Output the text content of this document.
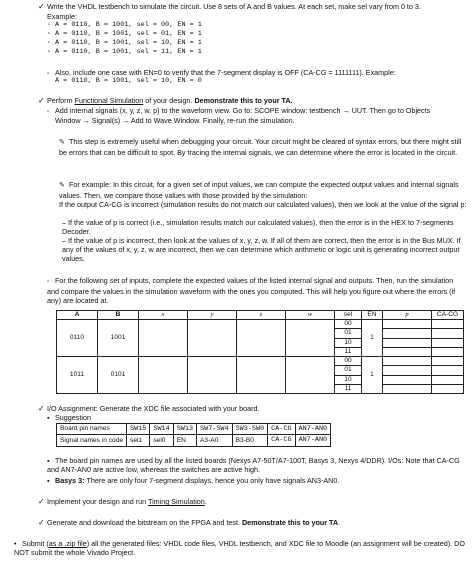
✓ Write the VHDL testbench to simulate the circuit. Use 8 sets of A and B values. At each set, make sel vary from 0 to 3.
Example:
▫ A = 0110, B = 1001, sel = 00, EN = 1
▫ A = 0110, B = 1001, sel = 01, EN = 1
▫ A = 0110, B = 1001, sel = 10, EN = 1
▫ A = 0110, B = 1001, sel = 11, EN = 1
▫ Also, include one case with EN=0 to verify that the 7-segment display is OFF (CA-CG = 1111111). Example:
A = 0110, B = 1001, sel = 10, EN = 0
✓ Perform Functional Simulation of your design. Demonstrate this to your TA.
▫ Add internal signals (x, y, z, w, p) to the waveform view. Go to: SCOPE window: testbench → UUT. Then go to Objects
Window → Signal(s) → Add to Wave Window. Finally, re-run the simulation.
✎ This step is extremely useful when debugging your circuit. Your circuit might be cleared of syntax errors, but there might still be errors that can be difficult to spot. By tracing the internal signals, we can determine where the error is located in the circuit.
✎ For example: In this circuit, for a given set of input values, we can compute the expected output values and internal signals values. Then, we compare those values with those provided by the simulation:
If the output CA-CG is incorrect (simulation results do not match our calculated values), then we look at the value of the signal p:
– If the value of p is correct (i.e., simulation results match our calculated values), then the error is in the HEX to 7-segments Decoder.
– If the value of p is incorrect, then look at the values of x, y, z, w. If all of them are correct, then the error is in the Bus MUX. If any of the values of x, y, z, w are incorrect, then we can determine which arithmetic or logic unit is generating incorrect output values.
▫ For the following set of inputs, complete the expected values of the listed internal signal and outputs. Then, run the simulation and compare the values in the simulation waveform with the ones you computed. This will help you figure out where the errors (if any) are located at.
A	B	x	y	z	w	sel	EN	p	CA-CG
0110	1001					00	1		
						01			
						10			
						11			
1011	0101					00	1		
						01			
						10			
						11			
✓ I/O Assignment: Generate the XDC file associated with your board.
▪ Suggestion
Board pin names	SW15	SW14	SW13	SW7-SW4	SW3-SW0	CA-CG	AN7-AN0
Signal names in code	sel1	sel0	EN	A3-A0	B3-B0	CA-CG	AN7-AN0
▪ The board pin names are used by all the listed boards (Nexys A7-50T/A7-100T, Basys 3, Nexys 4/DDR). I/Os: Note that CA-CG and AN7-AN0 are active low, whereas the switches are active high.
▪ Basys 3: There are only four 7-segment displays, hence you only have signals AN3-AN0.
✓ Implement your design and run Timing Simulation.
✓ Generate and download the bitstream on the FPGA and test. Demonstrate this to your TA.
• Submit (as a .zip file) all the generated files: VHDL code files, VHDL testbench, and XDC file to Moodle (an assignment will be created). DO NOT submit the whole Vivado Project.
